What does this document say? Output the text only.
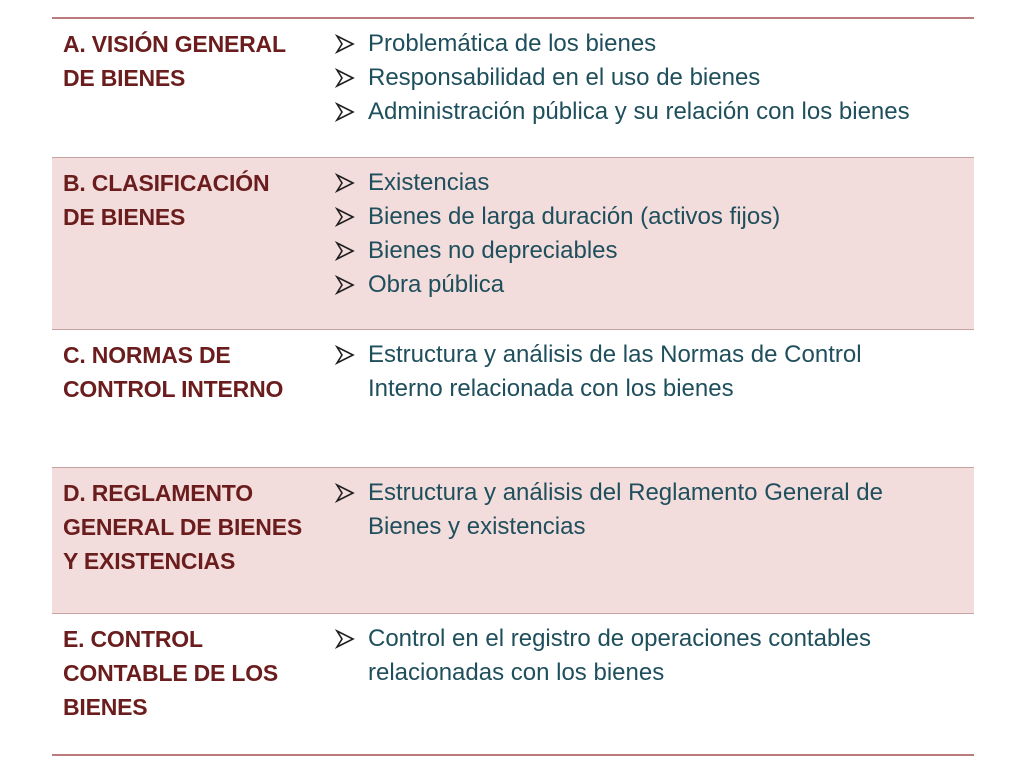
A. VISIÓN GENERAL
DE BIENES
Problemática de los bienes
Responsabilidad en el uso de bienes
Administración pública y su relación con los bienes
B. CLASIFICACIÓN
DE BIENES
Existencias
Bienes de larga duración (activos fijos)
Bienes no depreciables
Obra pública
C. NORMAS DE
CONTROL INTERNO
Estructura y análisis de las Normas de Control
Interno relacionada con los bienes
D. REGLAMENTO
GENERAL DE BIENES
Y EXISTENCIAS
Estructura y análisis del Reglamento General de
Bienes y existencias
E. CONTROL
CONTABLE DE LOS
BIENES
Control en el registro de operaciones contables
relacionadas con los bienes
